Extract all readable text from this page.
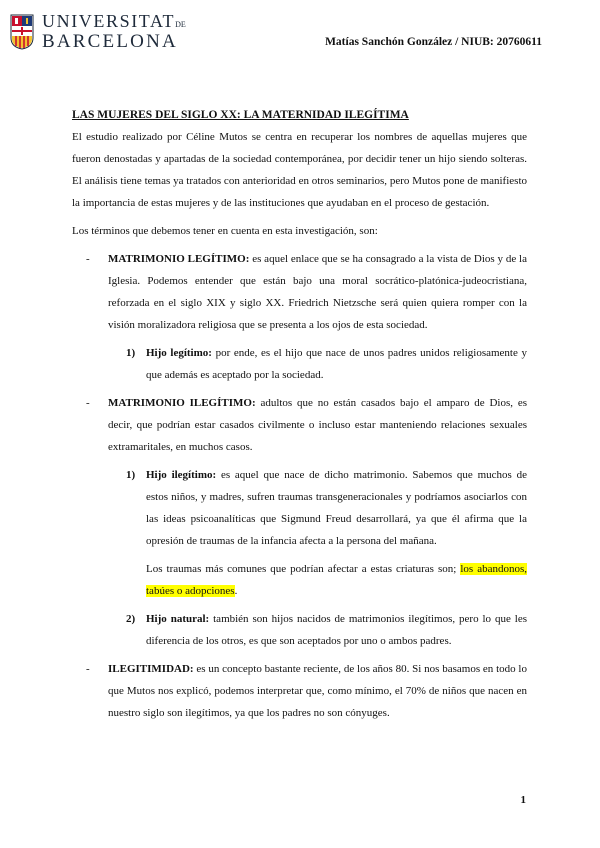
UNIVERSITATDE
BARCELONA	Matías Sanchón González / NIUB: 20760611
LAS MUJERES DEL SIGLO XX: LA MATERNIDAD ILEGÍTIMA

El estudio realizado por Céline Mutos se centra en recuperar los nombres de aquellas mujeres que fueron denostadas y apartadas de la sociedad contemporánea, por decidir tener un hijo siendo solteras. El análisis tiene temas ya tratados con anterioridad en otros seminarios, pero Mutos pone de manifiesto la importancia de estas mujeres y de las instituciones que ayudaban en el proceso de gestación.

Los términos que debemos tener en cuenta en esta investigación, son:

- MATRIMONIO LEGÍTIMO: es aquel enlace que se ha consagrado a la vista de Dios y de la Iglesia. Podemos entender que están bajo una moral socrático-platónica-judeocristiana, reforzada en el siglo XIX y siglo XX. Friedrich Nietzsche será quien quiera romper con la visión moralizadora religiosa que se presenta a los ojos de esta sociedad.
1) Hijo legítimo: por ende, es el hijo que nace de unos padres unidos religiosamente y que además es aceptado por la sociedad.
- MATRIMONIO ILEGÍTIMO: adultos que no están casados bajo el amparo de Dios, es decir, que podrían estar casados civilmente o incluso estar manteniendo relaciones sexuales extramaritales, en muchos casos.
1) Hijo ilegítimo: es aquel que nace de dicho matrimonio. Sabemos que muchos de estos niños, y madres, sufren traumas transgeneracionales y podríamos asociarlos con las ideas psicoanalíticas que Sigmund Freud desarrollará, ya que él afirma que la opresión de traumas de la infancia afecta a la persona del mañana.
Los traumas más comunes que podrían afectar a estas criaturas son; los abandonos, tabúes o adopciones.
2) Hijo natural: también son hijos nacidos de matrimonios ilegítimos, pero lo que les diferencia de los otros, es que son aceptados por uno o ambos padres.
- ILEGITIMIDAD: es un concepto bastante reciente, de los años 80. Si nos basamos en todo lo que Mutos nos explicó, podemos interpretar que, como mínimo, el 70% de niños que nacen en nuestro siglo son ilegítimos, ya que los padres no son cónyuges.
1
